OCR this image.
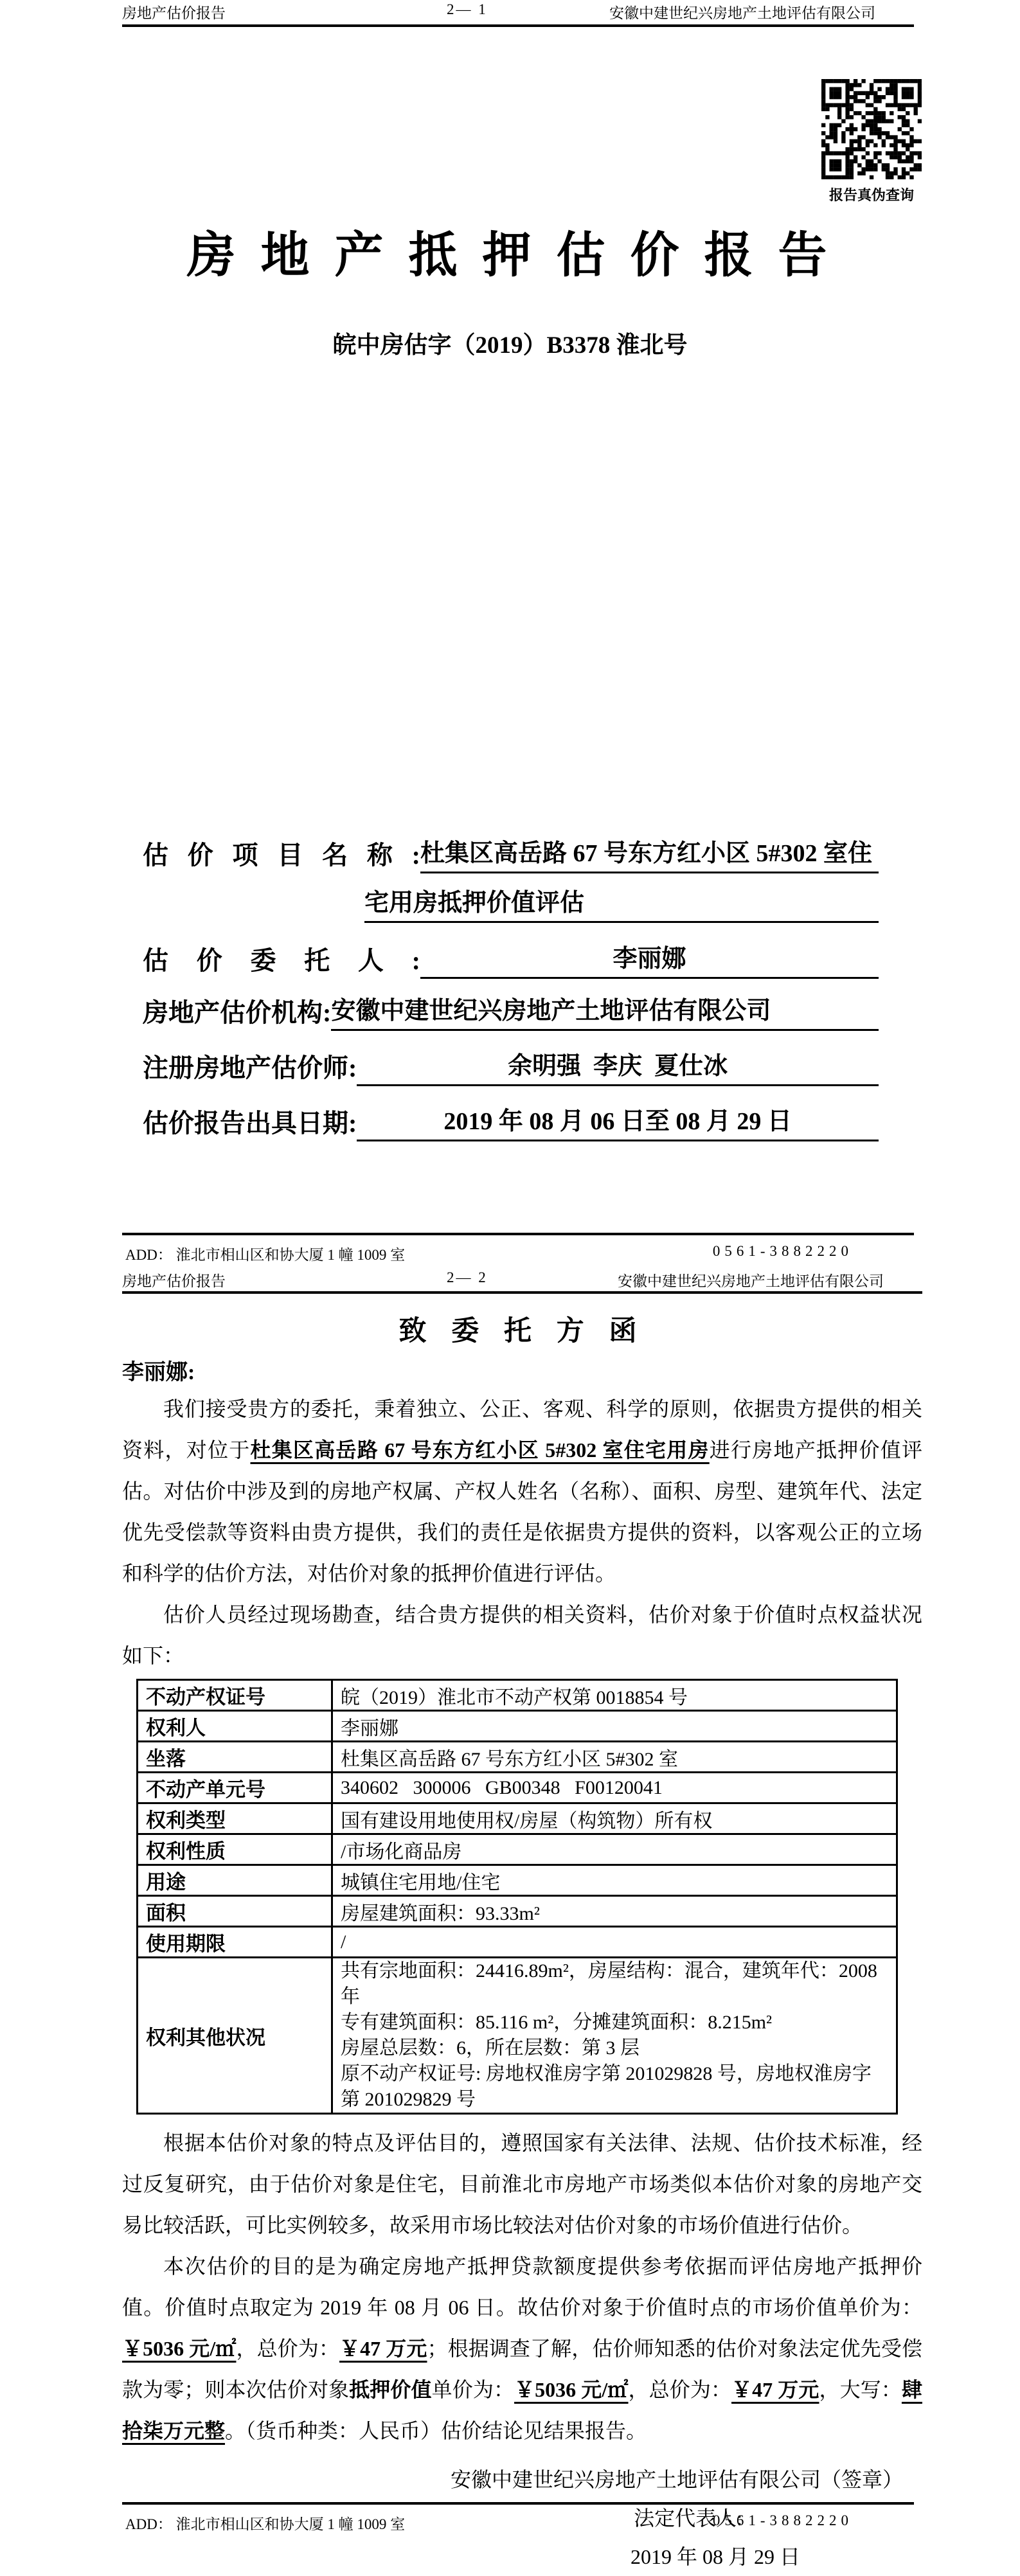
房地产估价报告	2— 1	安徽中建世纪兴房地产土地评估有限公司
报告真伪查询
房 地 产 抵 押 估 价 报 告
皖中房估字（2019）B3378 淮北号
估价项目名称: 杜集区高岳路 67 号东方红小区 5#302 室住
宅用房抵押价值评估
估价委托人:	李丽娜
房地产估价机构: 安徽中建世纪兴房地产土地评估有限公司
注册房地产估价师:	余明强  李庆  夏仕冰
估价报告出具日期:	2019 年 08 月 06 日至 08 月 29 日
ADD： 淮北市相山区和协大厦 1 幢 1009 室	0561-3882220
房地产估价报告	2— 2	安徽中建世纪兴房地产土地评估有限公司
致 委 托 方 函

李丽娜:

我们接受贵方的委托，秉着独立、公正、客观、科学的原则，依据贵方提供的相关资料，对位于杜集区高岳路 67 号东方红小区 5#302 室住宅用房进行房地产抵押价值评估。对估价中涉及到的房地产权属、产权人姓名（名称）、面积、房型、建筑年代、法定优先受偿款等资料由贵方提供，我们的责任是依据贵方提供的资料，以客观公正的立场和科学的估价方法，对估价对象的抵押价值进行评估。

估价人员经过现场勘查，结合贵方提供的相关资料，估价对象于价值时点权益状况如下：

不动产权证号	皖（2019）淮北市不动产权第 0018854 号
权利人	李丽娜
坐落	杜集区高岳路 67 号东方红小区 5#302 室
不动产单元号	340602   300006   GB00348   F00120041
权利类型	国有建设用地使用权/房屋（构筑物）所有权
权利性质	/市场化商品房
用途	城镇住宅用地/住宅
面积	房屋建筑面积：93.33m²
使用期限	/
权利其他状况	共有宗地面积：24416.89m²，房屋结构：混合，建筑年代：2008 年
专有建筑面积：85.116 m²，分摊建筑面积：8.215m²
房屋总层数：6，所在层数：第 3 层
原不动产权证号: 房地权淮房字第 201029828 号，房地权淮房字第 201029829 号

根据本估价对象的特点及评估目的，遵照国家有关法律、法规、估价技术标准，经过反复研究，由于估价对象是住宅，目前淮北市房地产市场类似本估价对象的房地产交易比较活跃，可比实例较多，故采用市场比较法对估价对象的市场价值进行估价。

本次估价的目的是为确定房地产抵押贷款额度提供参考依据而评估房地产抵押价值。价值时点取定为 2019 年 08 月 06 日。故估价对象于价值时点的市场价值单价为：￥5036 元/㎡，总价为：￥47 万元；根据调查了解，估价师知悉的估价对象法定优先受偿款为零；则本次估价对象抵押价值单价为：￥5036 元/㎡，总价为：￥47 万元，大写：肆拾柒万元整。（货币种类：人民币）估价结论见结果报告。

安徽中建世纪兴房地产土地评估有限公司（签章）
法定代表人:
2019 年 08 月 29 日
ADD： 淮北市相山区和协大厦 1 幢 1009 室	0561-3882220
